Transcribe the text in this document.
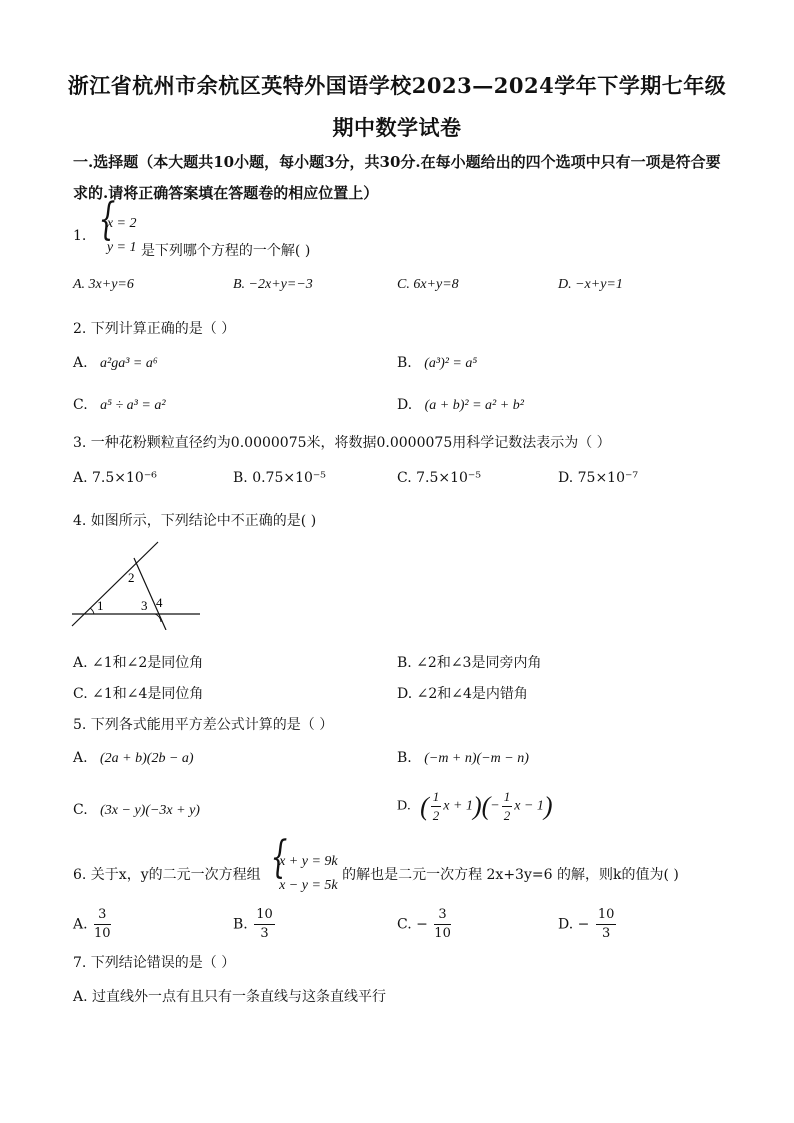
浙江省杭州市余杭区英特外国语学校2023—2024学年下学期七年级
期中数学试卷
一.选择题（本大题共10小题，每小题3分，共30分.在每小题给出的四个选项中只有一项是符合要求的.请将正确答案填在答题卷的相应位置上）
1.
{ x = 2
y = 1 是下列哪个方程的一个解( )
A. 3x+y=6	B. −2x+y=−3	C. 6x+y=8	D. −x+y=1
2. 下列计算正确的是（ ）
A. a²ga³ = a⁶	B. (a³)² = a⁵
C. a⁵ ÷ a³ = a²	D. (a + b)² = a² + b²
3. 一种花粉颗粒直径约为0.0000075米，将数据0.0000075用科学记数法表示为（ ）
A. 7.5×10⁻⁶	B. 0.75×10⁻⁵	C. 7.5×10⁻⁵	D. 75×10⁻⁷
4. 如图所示，下列结论中不正确的是( )
1
2
3 4
A. ∠1和∠2是同位角	B. ∠2和∠3是同旁内角
C. ∠1和∠4是同位角	D. ∠2和∠4是内错角
5. 下列各式能用平方差公式计算的是（ ）
A. (2a + b)(2b − a)	B. (−m + n)(−m − n)
C. (3x − y)(−3x + y)	D. ( $\frac{1}{2}$ $x + 1)(- \frac{1}{2}$ x − 1)
6. 关于x，y的二元一次方程组
{ x + y = 9k
x − y = 5k
的解也是二元一次方程 2x+3y=6 的解，则k的值为( )
A. $\frac{3}{10}$	B. $\frac{10}{3}$	C. − $\frac{3}{10}$	D. − $\frac{10}{3}$
7. 下列结论错误的是（ ）
A. 过直线外一点有且只有一条直线与这条直线平行
